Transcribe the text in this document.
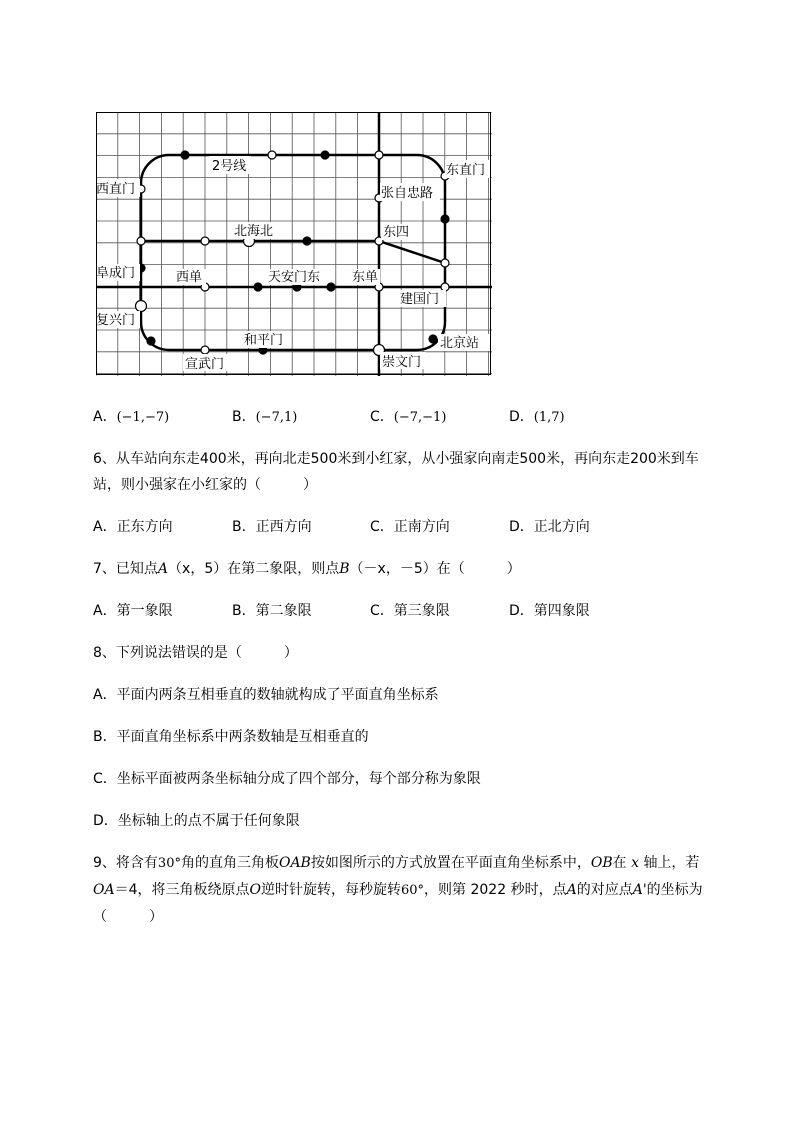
2号线
西直门
东直门
张自忠路
北海北	东四
阜成门	西单	天安门东 东单
建国门
复兴门
和平门	北京站
宣武门	崇文门
A．(−1,−7)	B．(−7,1)	C．(−7,−1)	D．(1,7)
6、从车站向东走400米，再向北走500米到小红家，从小强家向南走500米，再向东走200米到车
站，则小强家在小红家的（　　　）
A．正东方向	B．正西方向	C．正南方向	D．正北方向
7、已知点A（x，5）在第二象限，则点B（－x，－5）在（　　　）
A．第一象限	B．第二象限	C．第三象限	D．第四象限
8、下列说法错误的是（　　　）
A．平面内两条互相垂直的数轴就构成了平面直角坐标系
B．平面直角坐标系中两条数轴是互相垂直的
C．坐标平面被两条坐标轴分成了四个部分，每个部分称为象限
D．坐标轴上的点不属于任何象限
9、将含有30°角的直角三角板OAB按如图所示的方式放置在平面直角坐标系中，OB在 x 轴上，若
OA＝4，将三角板绕原点O逆时针旋转，每秒旋转60°，则第 2022 秒时，点A的对应点A'的坐标为
（　　　）
